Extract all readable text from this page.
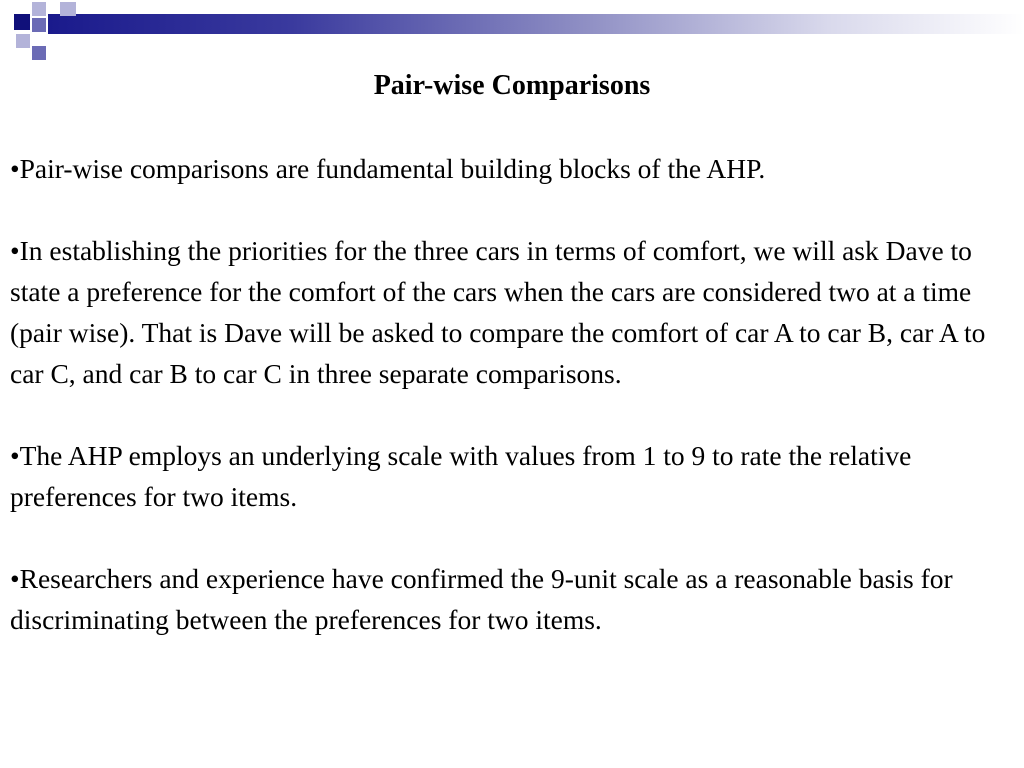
Pair-wise Comparisons

•Pair-wise comparisons are fundamental building blocks of the AHP.

•In establishing the priorities for the three cars in terms of comfort, we will ask Dave to state a preference for the comfort of the cars when the cars are considered two at a time (pair wise). That is Dave will be asked to compare the comfort of car A to car B, car A to car C, and car B to car C in three separate comparisons.

•The AHP employs an underlying scale with values from 1 to 9 to rate the relative preferences for two items.

•Researchers and experience have confirmed the 9-unit scale as a reasonable basis for discriminating between the preferences for two items.
